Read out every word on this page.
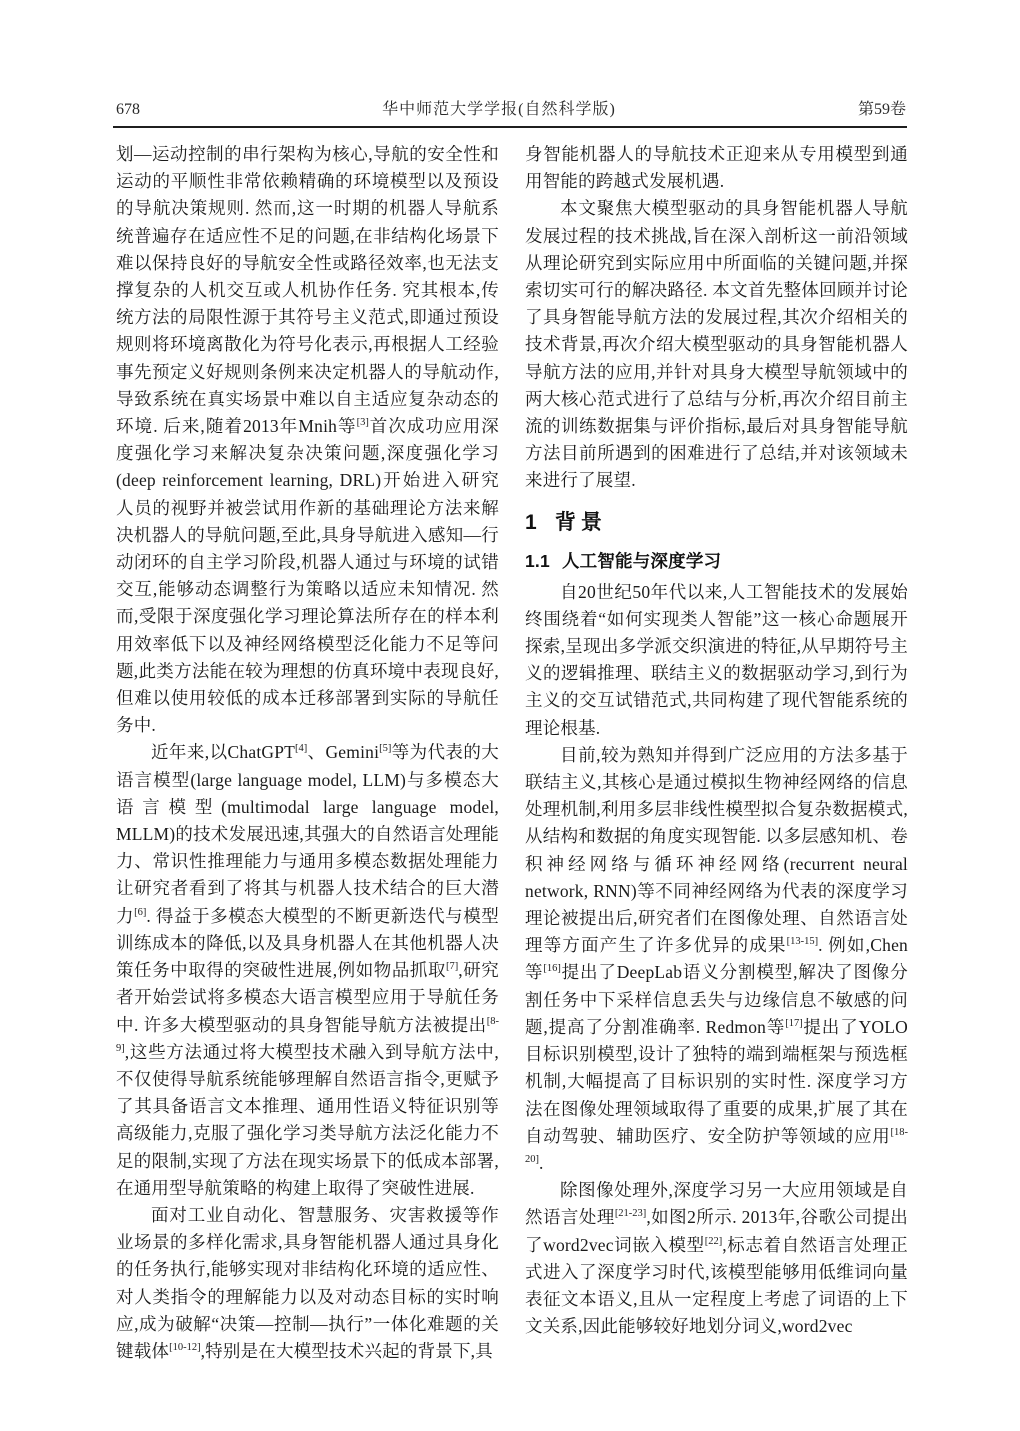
678	华中师范大学学报(自然科学版)	第59卷

划—运动控制的串行架构为核心,导航的安全性和运动的平顺性非常依赖精确的环境模型以及预设的导航决策规则. 然而,这一时期的机器人导航系统普遍存在适应性不足的问题,在非结构化场景下难以保持良好的导航安全性或路径效率,也无法支撑复杂的人机交互或人机协作任务. 究其根本,传统方法的局限性源于其符号主义范式,即通过预设规则将环境离散化为符号化表示,再根据人工经验事先预定义好规则条例来决定机器人的导航动作,导致系统在真实场景中难以自主适应复杂动态的环境. 后来,随着2013年Mnih等[3]首次成功应用深度强化学习来解决复杂决策问题,深度强化学习(deep reinforcement learning, DRL)开始进入研究人员的视野并被尝试用作新的基础理论方法来解决机器人的导航问题,至此,具身导航进入感知—行动闭环的自主学习阶段,机器人通过与环境的试错交互,能够动态调整行为策略以适应未知情况. 然而,受限于深度强化学习理论算法所存在的样本利用效率低下以及神经网络模型泛化能力不足等问题,此类方法能在较为理想的仿真环境中表现良好,但难以使用较低的成本迁移部署到实际的导航任务中.

近年来,以ChatGPT[4]、Gemini[5]等为代表的大语言模型(large language model, LLM)与多模态大语言模型(multimodal large language model, MLLM)的技术发展迅速,其强大的自然语言处理能力、常识性推理能力与通用多模态数据处理能力让研究者看到了将其与机器人技术结合的巨大潜力[6]. 得益于多模态大模型的不断更新迭代与模型训练成本的降低,以及具身机器人在其他机器人决策任务中取得的突破性进展,例如物品抓取[7],研究者开始尝试将多模态大语言模型应用于导航任务中. 许多大模型驱动的具身智能导航方法被提出[8-9],这些方法通过将大模型技术融入到导航方法中,不仅使得导航系统能够理解自然语言指令,更赋予了其具备语言文本推理、通用性语义特征识别等高级能力,克服了强化学习类导航方法泛化能力不足的限制,实现了方法在现实场景下的低成本部署,在通用型导航策略的构建上取得了突破性进展.

面对工业自动化、智慧服务、灾害救援等作业场景的多样化需求,具身智能机器人通过具身化的任务执行,能够实现对非结构化环境的适应性、对人类指令的理解能力以及对动态目标的实时响应,成为破解“决策—控制—执行”一体化难题的关键载体[10-12],特别是在大模型技术兴起的背景下,具

身智能机器人的导航技术正迎来从专用模型到通用智能的跨越式发展机遇.

本文聚焦大模型驱动的具身智能机器人导航发展过程的技术挑战,旨在深入剖析这一前沿领域从理论研究到实际应用中所面临的关键问题,并探索切实可行的解决路径. 本文首先整体回顾并讨论了具身智能导航方法的发展过程,其次介绍相关的技术背景,再次介绍大模型驱动的具身智能机器人导航方法的应用,并针对具身大模型导航领域中的两大核心范式进行了总结与分析,再次介绍目前主流的训练数据集与评价指标,最后对具身智能导航方法目前所遇到的困难进行了总结,并对该领域未来进行了展望.

1 背景
1.1 人工智能与深度学习

自20世纪50年代以来,人工智能技术的发展始终围绕着“如何实现类人智能”这一核心命题展开探索,呈现出多学派交织演进的特征,从早期符号主义的逻辑推理、联结主义的数据驱动学习,到行为主义的交互试错范式,共同构建了现代智能系统的理论根基.

目前,较为熟知并得到广泛应用的方法多基于联结主义,其核心是通过模拟生物神经网络的信息处理机制,利用多层非线性模型拟合复杂数据模式,从结构和数据的角度实现智能. 以多层感知机、卷积神经网络与循环神经网络(recurrent neural network, RNN)等不同神经网络为代表的深度学习理论被提出后,研究者们在图像处理、自然语言处理等方面产生了许多优异的成果[13-15]. 例如,Chen等[16]提出了DeepLab语义分割模型,解决了图像分割任务中下采样信息丢失与边缘信息不敏感的问题,提高了分割准确率. Redmon等[17]提出了YOLO目标识别模型,设计了独特的端到端框架与预选框机制,大幅提高了目标识别的实时性. 深度学习方法在图像处理领域取得了重要的成果,扩展了其在自动驾驶、辅助医疗、安全防护等领域的应用[18-20].

除图像处理外,深度学习另一大应用领域是自然语言处理[21-23],如图2所示. 2013年,谷歌公司提出了word2vec词嵌入模型[22],标志着自然语言处理正式进入了深度学习时代,该模型能够用低维词向量表征文本语义,且从一定程度上考虑了词语的上下文关系,因此能够较好地划分词义,word2vec
